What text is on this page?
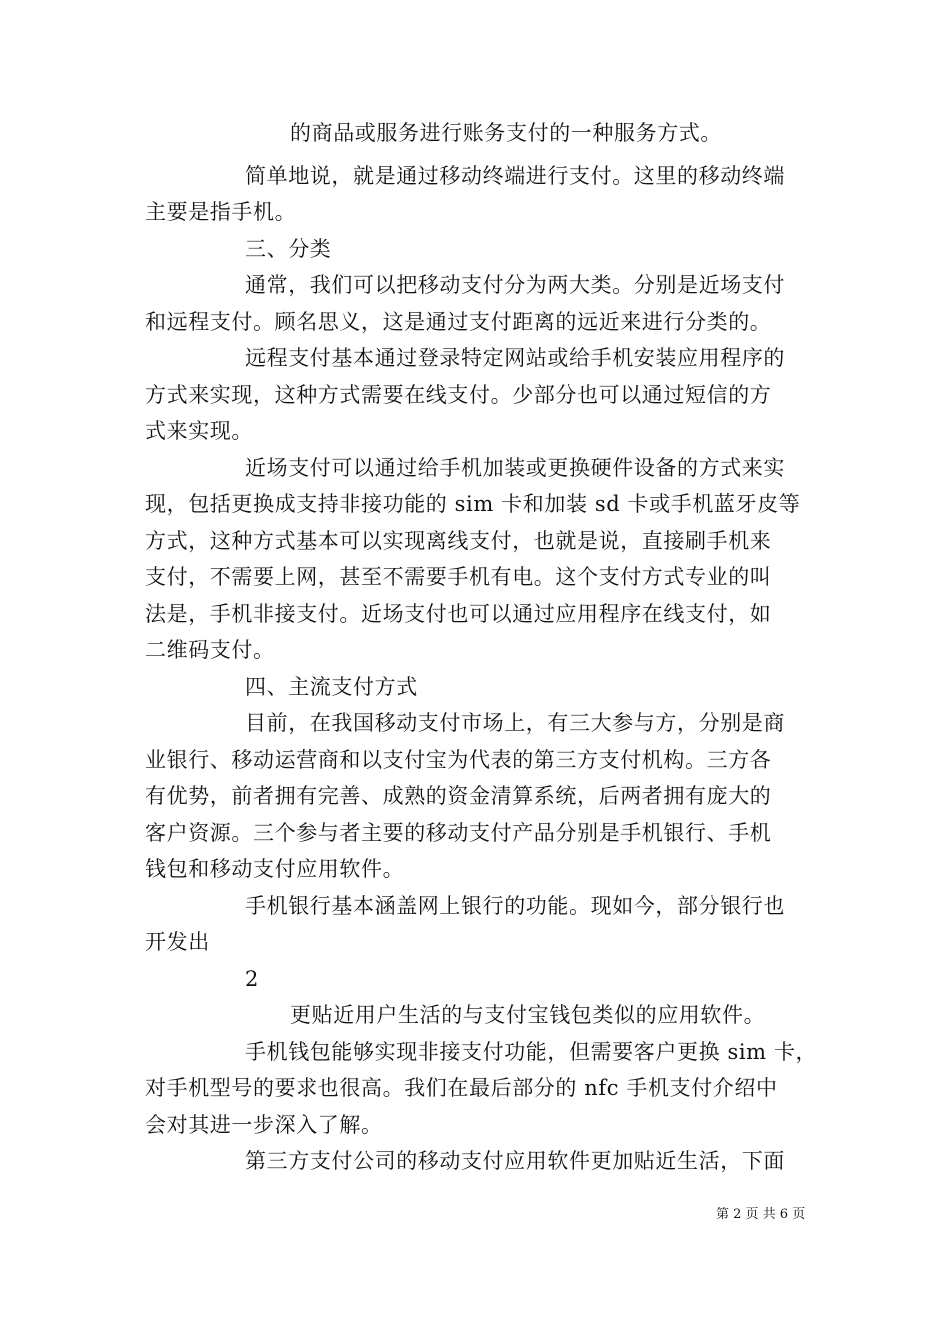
的商品或服务进行账务支付的一种服务方式。
简单地说，就是通过移动终端进行支付。这里的移动终端
主要是指手机。
三、分类
通常，我们可以把移动支付分为两大类。分别是近场支付
和远程支付。顾名思义，这是通过支付距离的远近来进行分类的。
远程支付基本通过登录特定网站或给手机安装应用程序的
方式来实现，这种方式需要在线支付。少部分也可以通过短信的方
式来实现。
近场支付可以通过给手机加装或更换硬件设备的方式来实
现，包括更换成支持非接功能的 sim 卡和加装 sd 卡或手机蓝牙皮等
方式，这种方式基本可以实现离线支付，也就是说，直接刷手机来
支付，不需要上网，甚至不需要手机有电。这个支付方式专业的叫
法是，手机非接支付。近场支付也可以通过应用程序在线支付，如
二维码支付。
四、主流支付方式
目前，在我国移动支付市场上，有三大参与方，分别是商
业银行、移动运营商和以支付宝为代表的第三方支付机构。三方各
有优势，前者拥有完善、成熟的资金清算系统，后两者拥有庞大的
客户资源。三个参与者主要的移动支付产品分别是手机银行、手机
钱包和移动支付应用软件。
手机银行基本涵盖网上银行的功能。现如今，部分银行也
开发出
2
更贴近用户生活的与支付宝钱包类似的应用软件。
手机钱包能够实现非接支付功能，但需要客户更换 sim 卡，
对手机型号的要求也很高。我们在最后部分的 nfc 手机支付介绍中
会对其进一步深入了解。
第三方支付公司的移动支付应用软件更加贴近生活，下面
第 2 页 共 6 页
